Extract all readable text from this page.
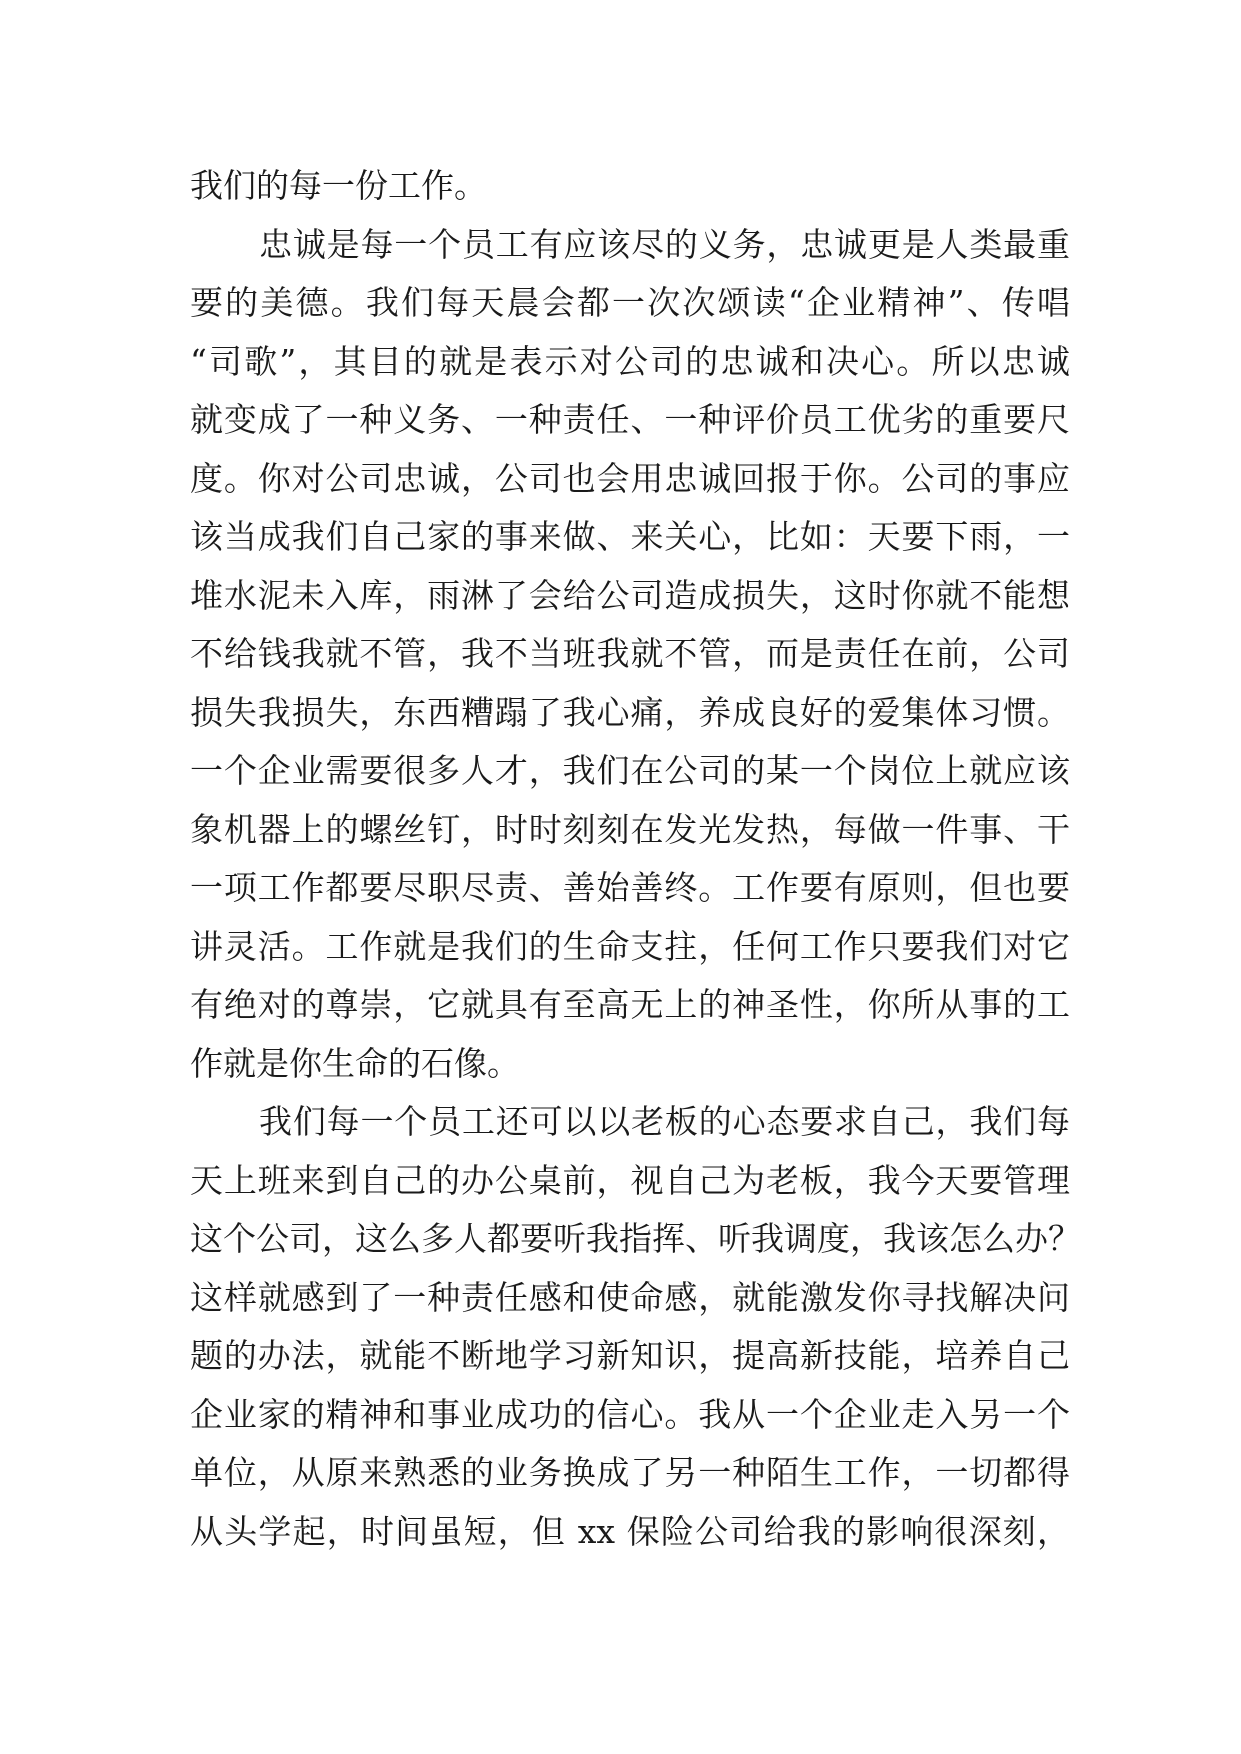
我们的每一份工作。
忠诚是每一个员工有应该尽的义务，忠诚更是人类最重
要的美德。我们每天晨会都一次次颂读“企业精神”、传唱
“司歌”，其目的就是表示对公司的忠诚和决心。所以忠诚
就变成了一种义务、一种责任、一种评价员工优劣的重要尺
度。你对公司忠诚，公司也会用忠诚回报于你。公司的事应
该当成我们自己家的事来做、来关心，比如：天要下雨，一
堆水泥未入库，雨淋了会给公司造成损失，这时你就不能想
不给钱我就不管，我不当班我就不管，而是责任在前，公司
损失我损失，东西糟蹋了我心痛，养成良好的爱集体习惯。
一个企业需要很多人才，我们在公司的某一个岗位上就应该
象机器上的螺丝钉，时时刻刻在发光发热，每做一件事、干
一项工作都要尽职尽责、善始善终。工作要有原则，但也要
讲灵活。工作就是我们的生命支拄，任何工作只要我们对它
有绝对的尊崇，它就具有至高无上的神圣性，你所从事的工
作就是你生命的石像。
我们每一个员工还可以以老板的心态要求自己，我们每
天上班来到自己的办公桌前，视自己为老板，我今天要管理
这个公司，这么多人都要听我指挥、听我调度，我该怎么办？
这样就感到了一种责任感和使命感，就能激发你寻找解决问
题的办法，就能不断地学习新知识，提高新技能，培养自己
企业家的精神和事业成功的信心。我从一个企业走入另一个
单位，从原来熟悉的业务换成了另一种陌生工作，一切都得
从头学起，时间虽短，但 xx 保险公司给我的影响很深刻，
